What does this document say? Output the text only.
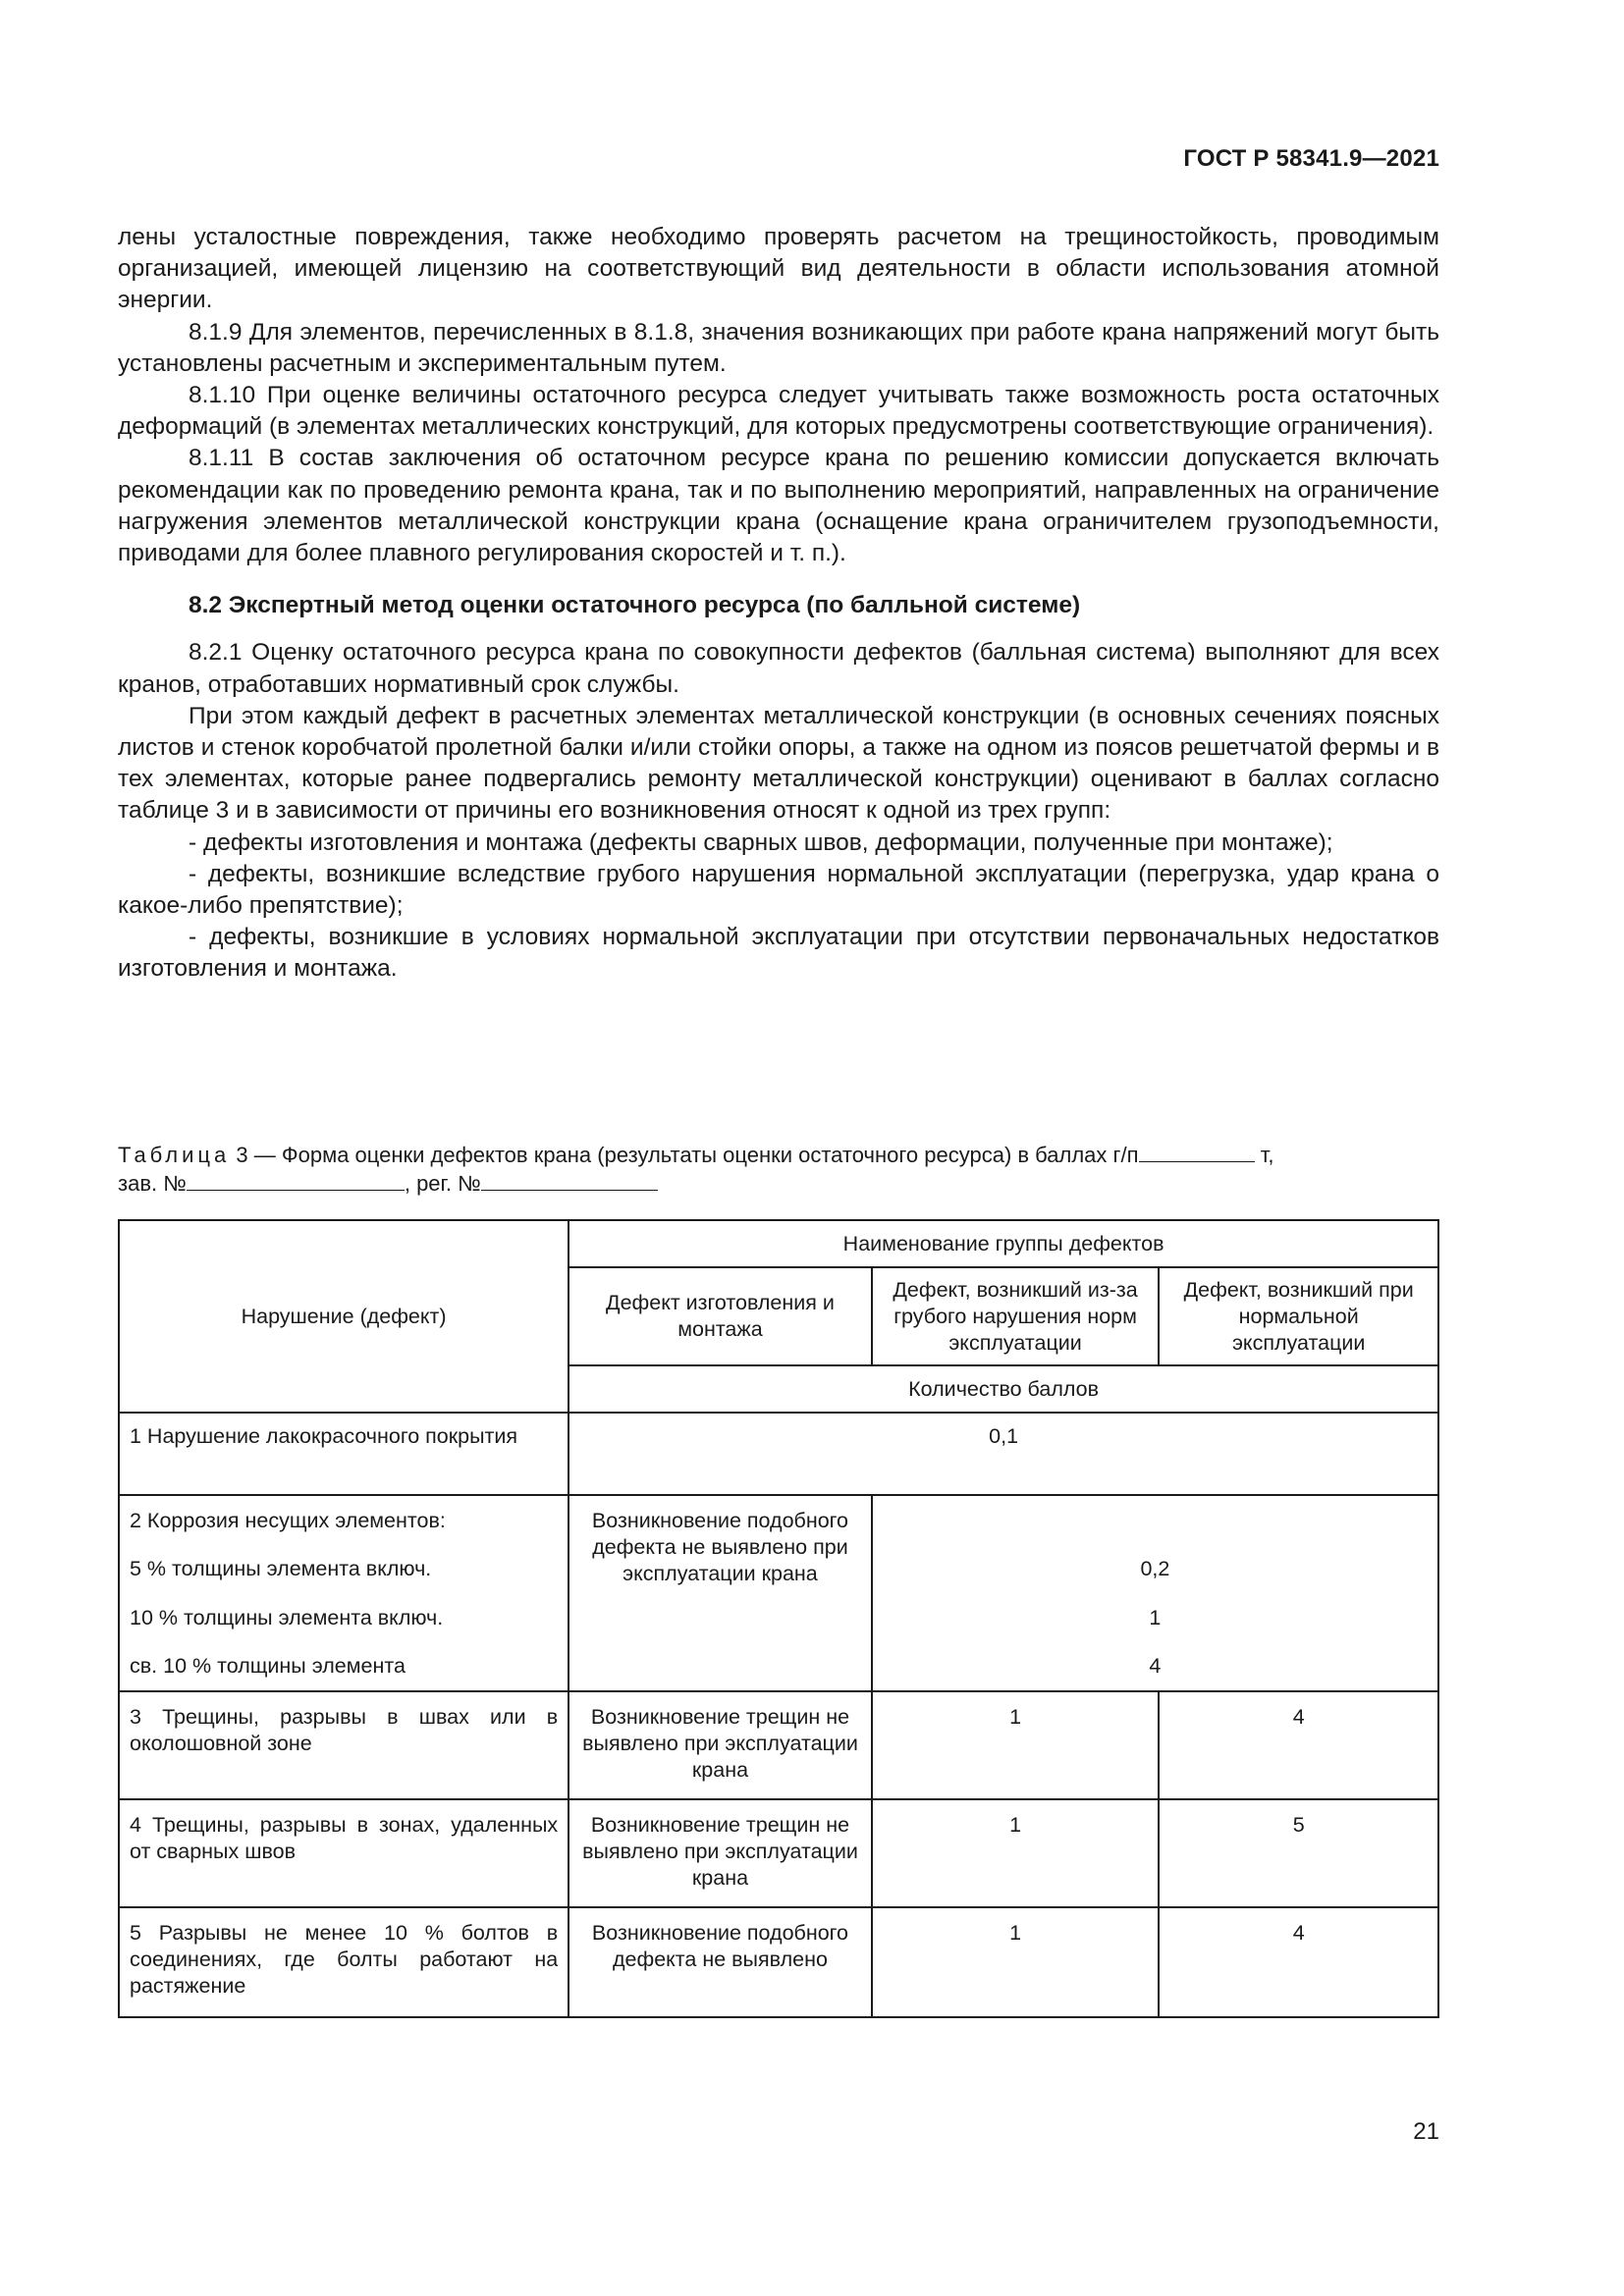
ГОСТ Р 58341.9—2021

лены усталостные повреждения, также необходимо проверять расчетом на трещиностойкость, проводимым организацией, имеющей лицензию на соответствующий вид деятельности в области использования атомной энергии.

8.1.9 Для элементов, перечисленных в 8.1.8, значения возникающих при работе крана напряжений могут быть установлены расчетным и экспериментальным путем.

8.1.10 При оценке величины остаточного ресурса следует учитывать также возможность роста остаточных деформаций (в элементах металлических конструкций, для которых предусмотрены соответствующие ограничения).

8.1.11 В состав заключения об остаточном ресурсе крана по решению комиссии допускается включать рекомендации как по проведению ремонта крана, так и по выполнению мероприятий, направленных на ограничение нагружения элементов металлической конструкции крана (оснащение крана ограничителем грузоподъемности, приводами для более плавного регулирования скоростей и т. п.).

8.2 Экспертный метод оценки остаточного ресурса (по балльной системе)

8.2.1 Оценку остаточного ресурса крана по совокупности дефектов (балльная система) выполняют для всех кранов, отработавших нормативный срок службы.

При этом каждый дефект в расчетных элементах металлической конструкции (в основных сечениях поясных листов и стенок коробчатой пролетной балки и/или стойки опоры, а также на одном из поясов решетчатой фермы и в тех элементах, которые ранее подвергались ремонту металлической конструкции) оценивают в баллах согласно таблице 3 и в зависимости от причины его возникновения относят к одной из трех групп:

- дефекты изготовления и монтажа (дефекты сварных швов, деформации, полученные при монтаже);

- дефекты, возникшие вследствие грубого нарушения нормальной эксплуатации (перегрузка, удар крана о какое-либо препятствие);

- дефекты, возникшие в условиях нормальной эксплуатации при отсутствии первоначальных недостатков изготовления и монтажа.

Таблица 3 — Форма оценки дефектов крана (результаты оценки остаточного ресурса) в баллах г/п	т,
зав. №	, рег. №
Нарушение (дефект)	Наименование группы дефектов		
	Дефект изготовления и монтажа	Дефект, возникший из-за грубого нарушения норм эксплуатации	Дефект, возникший при нормальной эксплуатации
	Количество баллов		
1 Нарушение лакокрасочного покрытия	0,1		
2 Коррозия несущих элементов:	Возникновение подобного дефекта не выявлено при эксплуатации крана		
5 % толщины элемента включ.		0,2	
10 % толщины элемента включ.		1	
св. 10 % толщины элемента		4	
3 Трещины, разрывы в швах или в околошовной зоне	Возникновение трещин не выявлено при эксплуатации крана	1	4
4 Трещины, разрывы в зонах, удаленных от сварных швов	Возникновение трещин не выявлено при эксплуатации крана	1	5
5 Разрывы не менее 10 % болтов в соединениях, где болты работают на растяжение	Возникновение подобного дефекта не выявлено	1	4
21
